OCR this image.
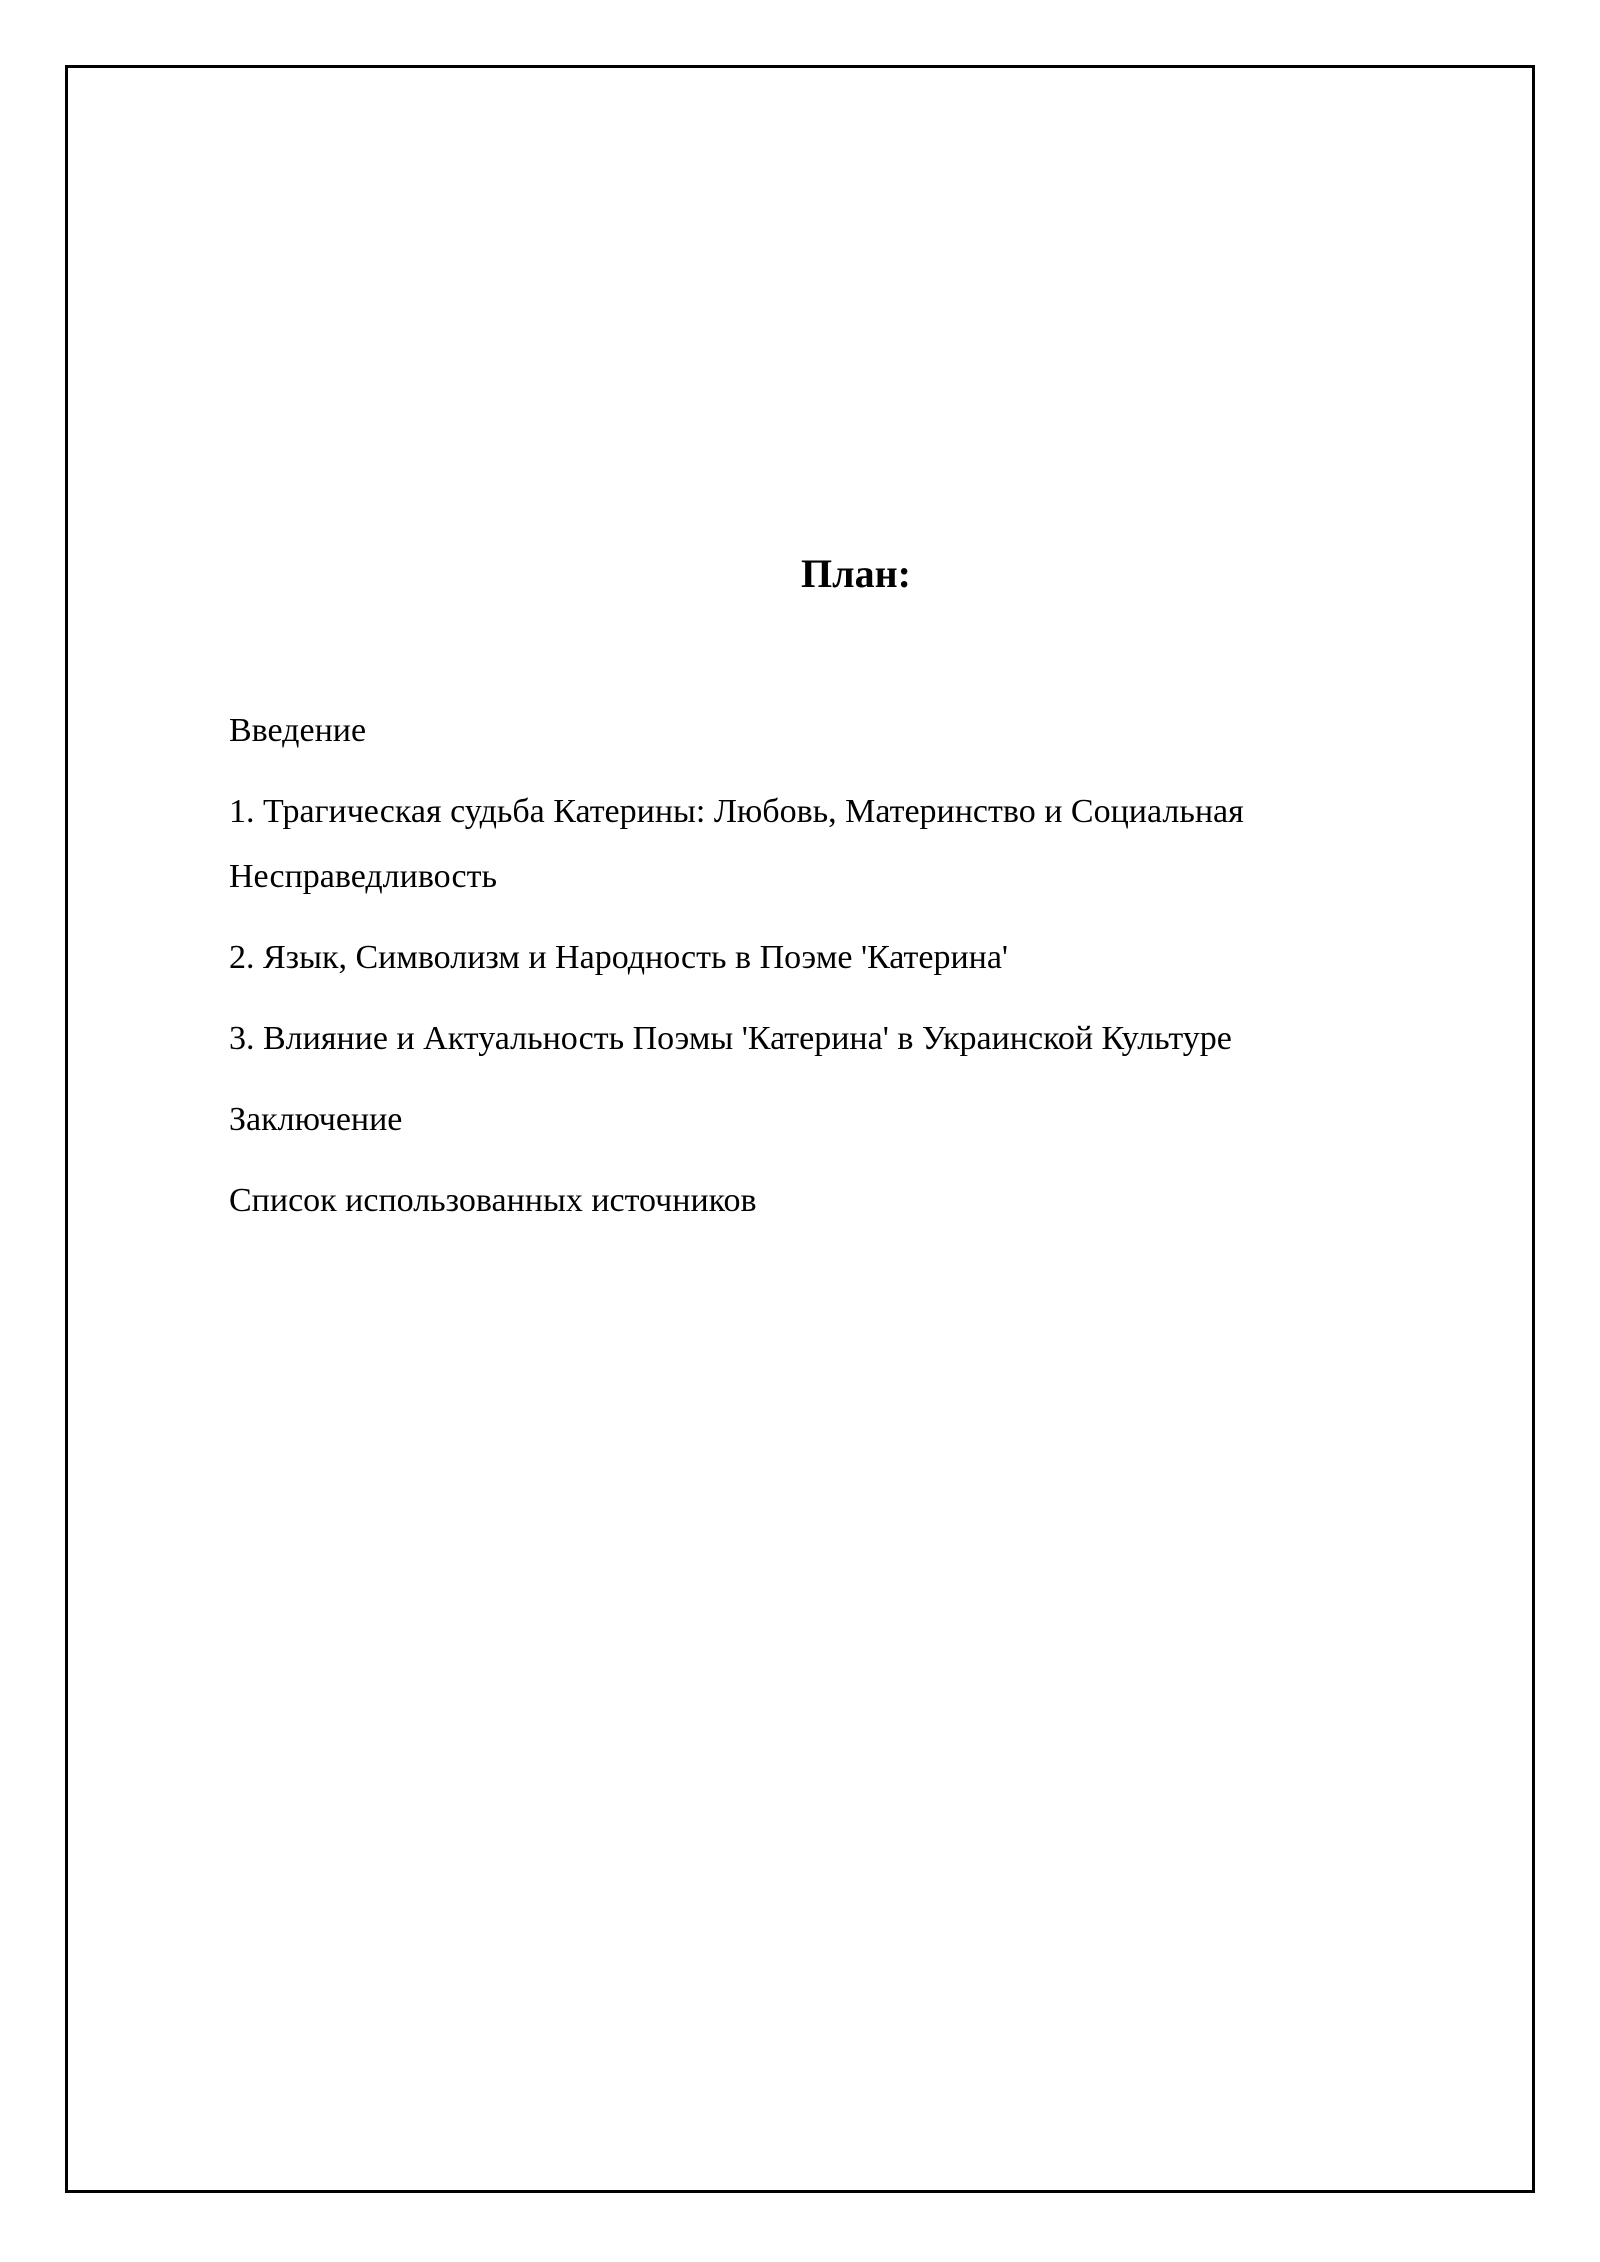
План:
Введение
1. Трагическая судьба Катерины: Любовь, Материнство и Социальная Несправедливость
2. Язык, Символизм и Народность в Поэме 'Катерина'
3. Влияние и Актуальность Поэмы 'Катерина' в Украинской Культуре
Заключение
Список использованных источников
